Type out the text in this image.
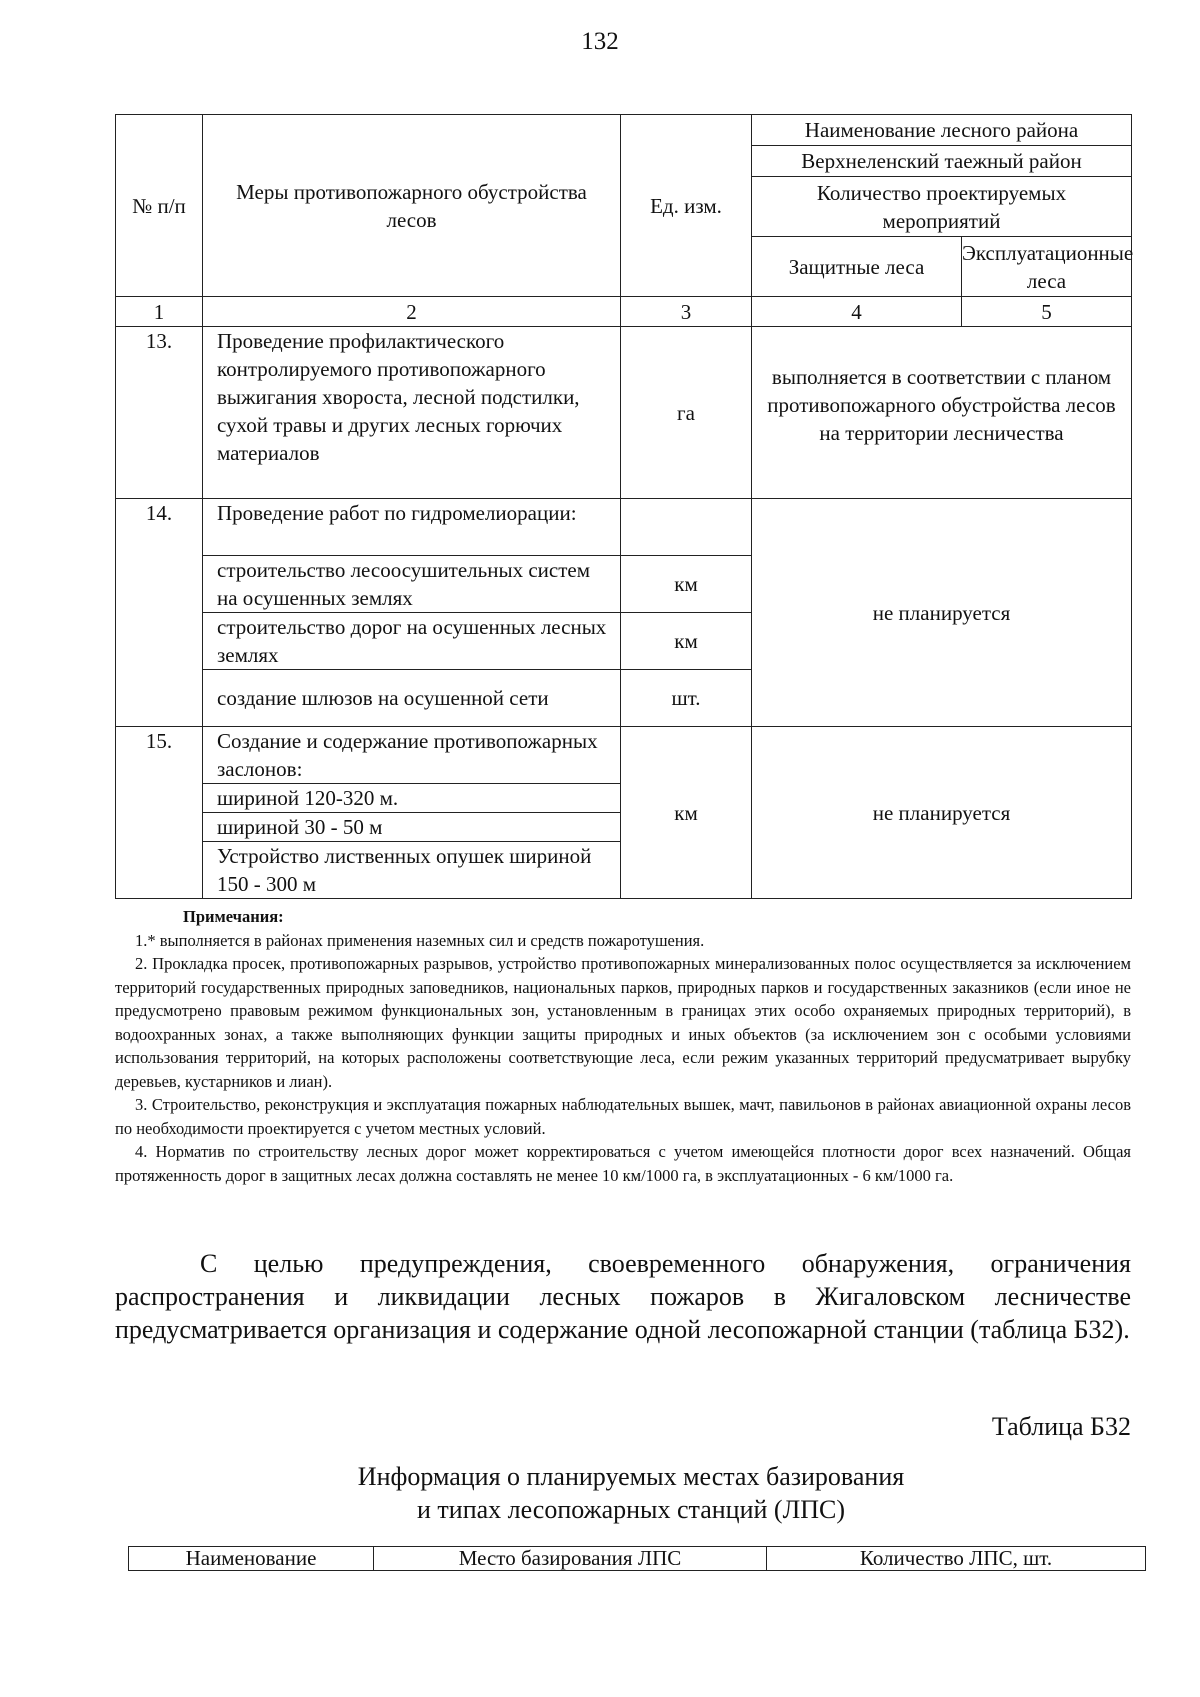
132
№ п/п	Меры противопожарного обустройства лесов	Ед. изм.	Наименование лесного района	
			Верхнеленский таежный район	
			Количество проектируемых мероприятий	
			Защитные леса	Эксплуатационные леса

1	2	3	4	5
13.	Проведение профилактического контролируемого противопожарного выжигания хвороста, лесной подстилки, сухой травы и других лесных горючих материалов	га	выполняется в соответствии с планом противопожарного обустройства лесов на территории лесничества	
14.	Проведение работ по гидромелиорации:		не планируется	
	строительство лесоосушительных систем на осушенных землях	км		
	строительство дорог на осушенных лесных землях	км		
	создание шлюзов на осушенной сети	шт.		
15.	Создание и содержание противопожарных заслонов:	км	не планируется	
	шириной 120-320 м.			
	шириной 30 - 50 м			
	Устройство лиственных опушек шириной 150 - 300 м			

Примечания:

1.* выполняется в районах применения наземных сил и средств пожаротушения.

2. Прокладка просек, противопожарных разрывов, устройство противопожарных минерализованных полос осуществляется за исключением территорий государственных природных заповедников, национальных парков, природных парков и государственных заказников (если иное не предусмотрено правовым режимом функциональных зон, установленным в границах этих особо охраняемых природных территорий), в водоохранных зонах, а также выполняющих функции защиты природных и иных объектов (за исключением зон с особыми условиями использования территорий, на которых расположены соответствующие леса, если режим указанных территорий предусматривает вырубку деревьев, кустарников и лиан).

3. Строительство, реконструкция и эксплуатация пожарных наблюдательных вышек, мачт, павильонов в районах авиационной охраны лесов по необходимости проектируется с учетом местных условий.

4. Норматив по строительству лесных дорог может корректироваться с учетом имеющейся плотности дорог всех назначений. Общая протяженность дорог в защитных лесах должна составлять не менее 10 км/1000 га, в эксплуатационных - 6 км/1000 га.

С целью предупреждения, своевременного обнаружения, ограничения распространения и ликвидации лесных пожаров в Жигаловском лесничестве предусматривается организация и содержание одной лесопожарной станции (таблица Б32).

Таблица Б32
Информация о планируемых местах базирования
и типах лесопожарных станций (ЛПС)
Наименование	Место базирования ЛПС	Количество ЛПС, шт.
